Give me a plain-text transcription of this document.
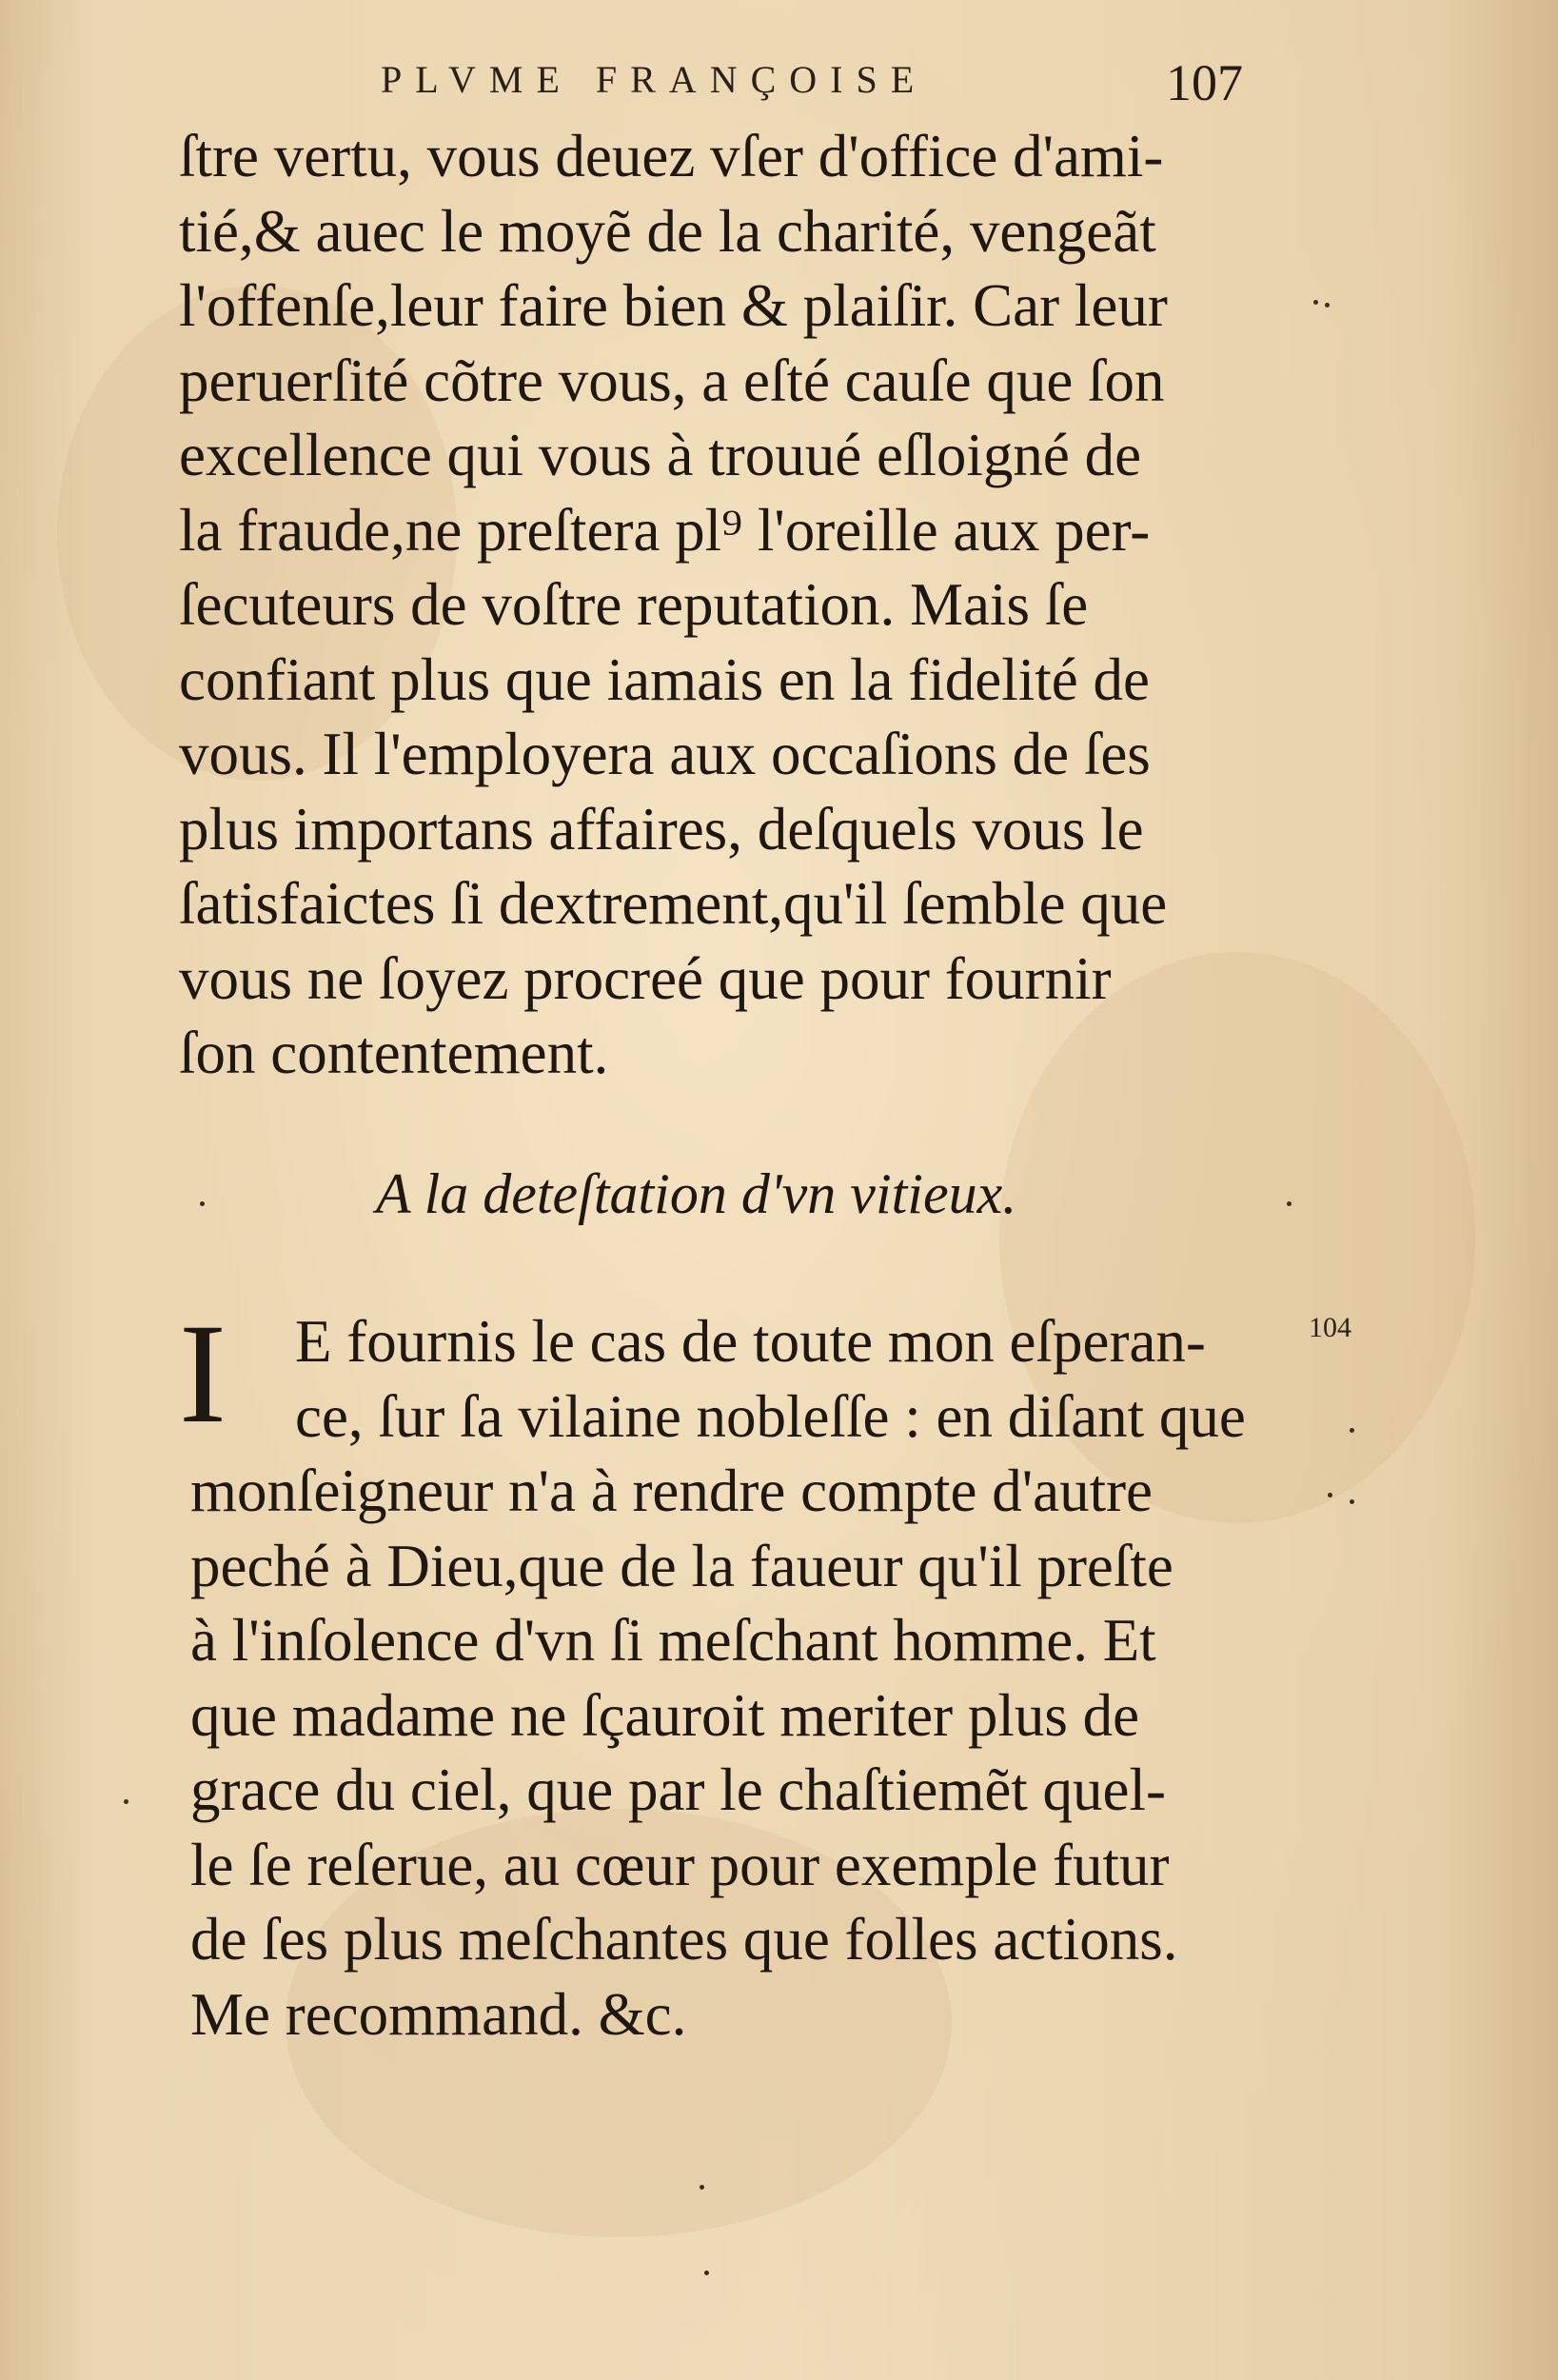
PLVME FRANÇOISE	107
ſtre vertu, vous deuez vſer d'office d'ami-
tié,& auec le moyẽ de la charité, vengeãt
l'offenſe,leur faire bien & plaiſir. Car leur
peruerſité cõtre vous, a eſté cauſe que ſon
excellence qui vous à trouué eſloigné de
la fraude,ne preſtera pl⁹ l'oreille aux per-
ſecuteurs de voſtre reputation. Mais ſe
confiant plus que iamais en la fidelité de
vous. Il l'employera aux occaſions de ſes
plus importans affaires, deſquels vous le
ſatisfaictes ſi dextrement,qu'il ſemble que
vous ne ſoyez procreé que pour fournir
ſon contentement.
A la deteſtation d'vn vitieux.
I	E fournis le cas de toute mon eſperan-
ce, ſur ſa vilaine nobleſſe : en diſant que
monſeigneur n'a à rendre compte d'autre
peché à Dieu,que de la faueur qu'il preſte
à l'inſolence d'vn ſi meſchant homme. Et
que madame ne ſçauroit meriter plus de
grace du ciel, que par le chaſtiemẽt quel-
le ſe reſerue, au cœur pour exemple futur
de ſes plus meſchantes que folles actions.
Me recommand. &c.
104
